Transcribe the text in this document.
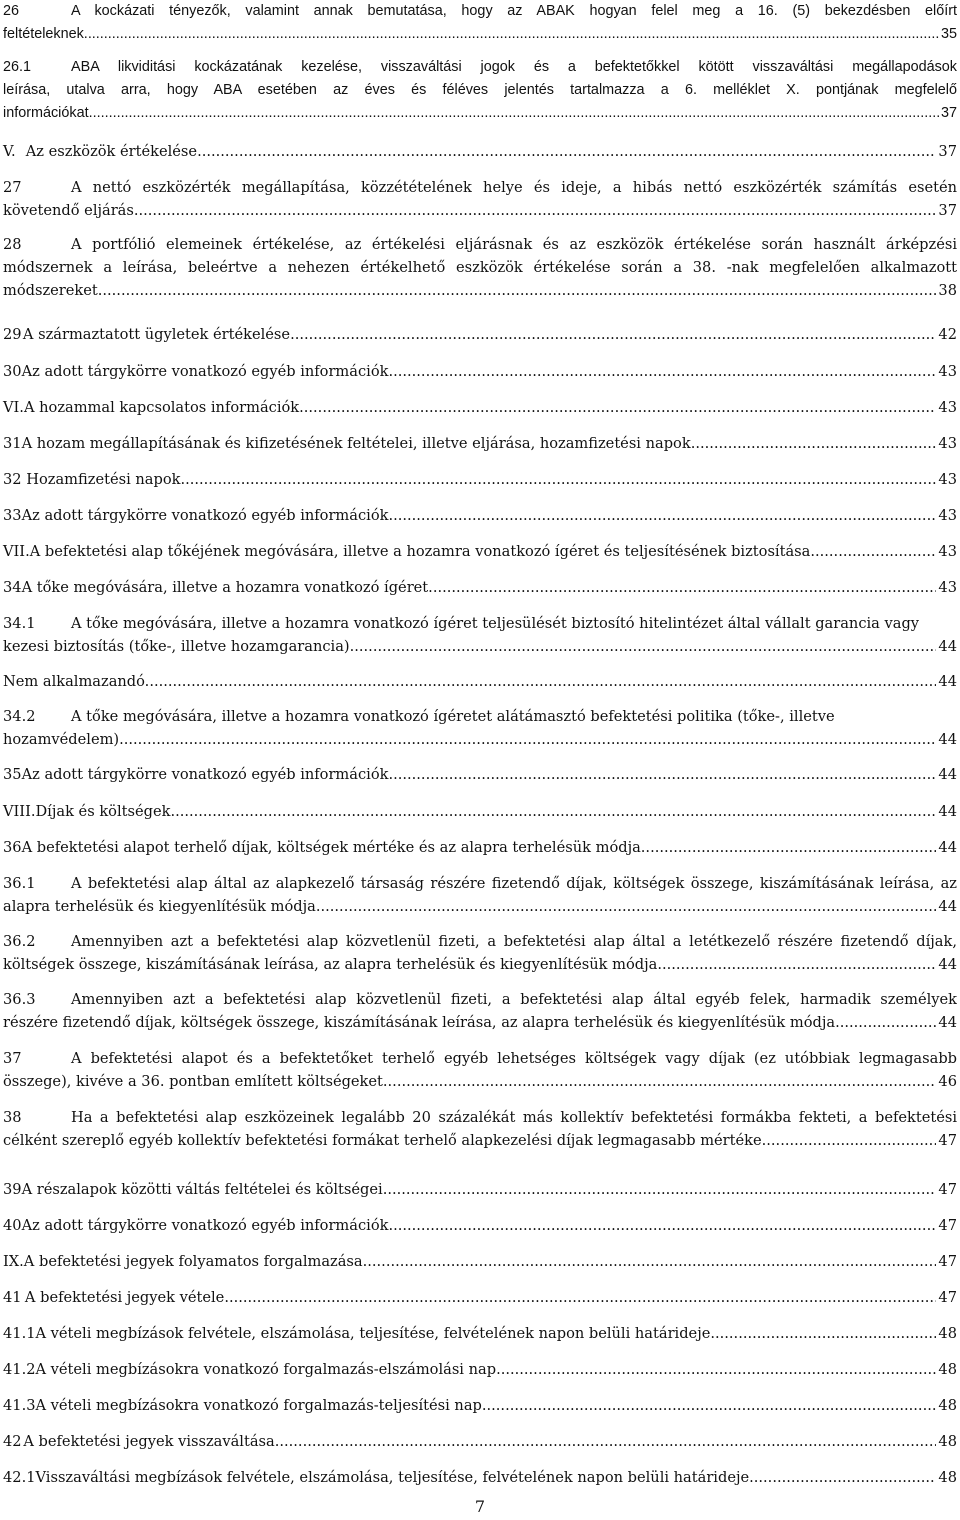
26	A kockázati tényezők, valamint annak bemutatása, hogy az ABAK hogyan felel meg a 16. (5) bekezdésben előírt
feltételeknek. .....	35
26.1	ABA likviditási kockázatának kezelése, visszaváltási jogok és a befektetőkkel kötött visszaváltási megállapodások
leírása, utalva arra, hogy ABA esetében az éves és féléves jelentés tartalmazza a 6. melléklet X. pontjának megfelelő
információkat .....	37
V. Az eszközök értékelése .....	37
27	A nettó eszközérték megállapítása, közzétételének helye és ideje, a hibás nettó eszközérték számítás esetén
követendő eljárás .....	37
28	A portfólió elemeinek értékelése, az értékelési eljárásnak és az eszközök értékelése során használt árképzési
módszernek a leírása, beleértve a nehezen értékelhető eszközök értékelése során a 38. -nak megfelelően alkalmazott
módszereket .....	38
29 A származtatott ügyletek értékelése .....	42
30 Az adott tárgykörre vonatkozó egyéb információk .....	43
VI. A hozammal kapcsolatos információk .....	43
31 A hozam megállapításának és kifizetésének feltételei, illetve eljárása, hozamfizetési napok .....	43
32 Hozamfizetési napok .....	43
33 Az adott tárgykörre vonatkozó egyéb információk .....	43
VII. A befektetési alap tőkéjének megóvására, illetve a hozamra vonatkozó ígéret és teljesítésének biztosítása .....	43
34 A tőke megóvására, illetve a hozamra vonatkozó ígéret. .....	43
34.1 A tőke megóvására, illetve a hozamra vonatkozó ígéret teljesülését biztosító hitelintézet által vállalt garancia vagy
kezesi biztosítás (tőke-, illetve hozamgarancia) .....	44
Nem alkalmazandó. .....	44
34.2 A tőke megóvására, illetve a hozamra vonatkozó ígéretet alátámasztó befektetési politika (tőke-, illetve
hozamvédelem) .....	44
35 Az adott tárgykörre vonatkozó egyéb információk .....	44
VIII. Díjak és költségek .....	44
36 A befektetési alapot terhelő díjak, költségek mértéke és az alapra terhelésük módja .....	44
36.1 A befektetési alap által az alapkezelő társaság részére fizetendő díjak, költségek összege, kiszámításának leírása, az
alapra terhelésük és kiegyenlítésük módja .....	44
36.2 Amennyiben azt a befektetési alap közvetlenül fizeti, a befektetési alap által a letétkezelő részére fizetendő díjak,
költségek összege, kiszámításának leírása, az alapra terhelésük és kiegyenlítésük módja .....	44
36.3 Amennyiben azt a befektetési alap közvetlenül fizeti, a befektetési alap által egyéb felek, harmadik személyek
részére fizetendő díjak, költségek összege, kiszámításának leírása, az alapra terhelésük és kiegyenlítésük módja .....	44
37	A befektetési alapot és a befektetőket terhelő egyéb lehetséges költségek vagy díjak (ez utóbbiak legmagasabb
összege), kivéve a 36. pontban említett költségeket .....	46
38	Ha a befektetési alap eszközeinek legalább 20 százalékát más kollektív befektetési formákba fekteti, a befektetési
célként szereplő egyéb kollektív befektetési formákat terhelő alapkezelési díjak legmagasabb mértéke .....	47
39 A részalapok közötti váltás feltételei és költségei .....	47
40 Az adott tárgykörre vonatkozó egyéb információk .....	47
IX. A befektetési jegyek folyamatos forgalmazása .....	47
41 A befektetési jegyek vétele .....	47
41.1 A vételi megbízások felvétele, elszámolása, teljesítése, felvételének napon belüli határideje .....	48
41.2 A vételi megbízásokra vonatkozó forgalmazás-elszámolási nap .....	48
41.3 A vételi megbízásokra vonatkozó forgalmazás-teljesítési nap .....	48
42 A befektetési jegyek visszaváltása .....	48
42.1 Visszaváltási megbízások felvétele, elszámolása, teljesítése, felvételének napon belüli határideje .....	48
7
